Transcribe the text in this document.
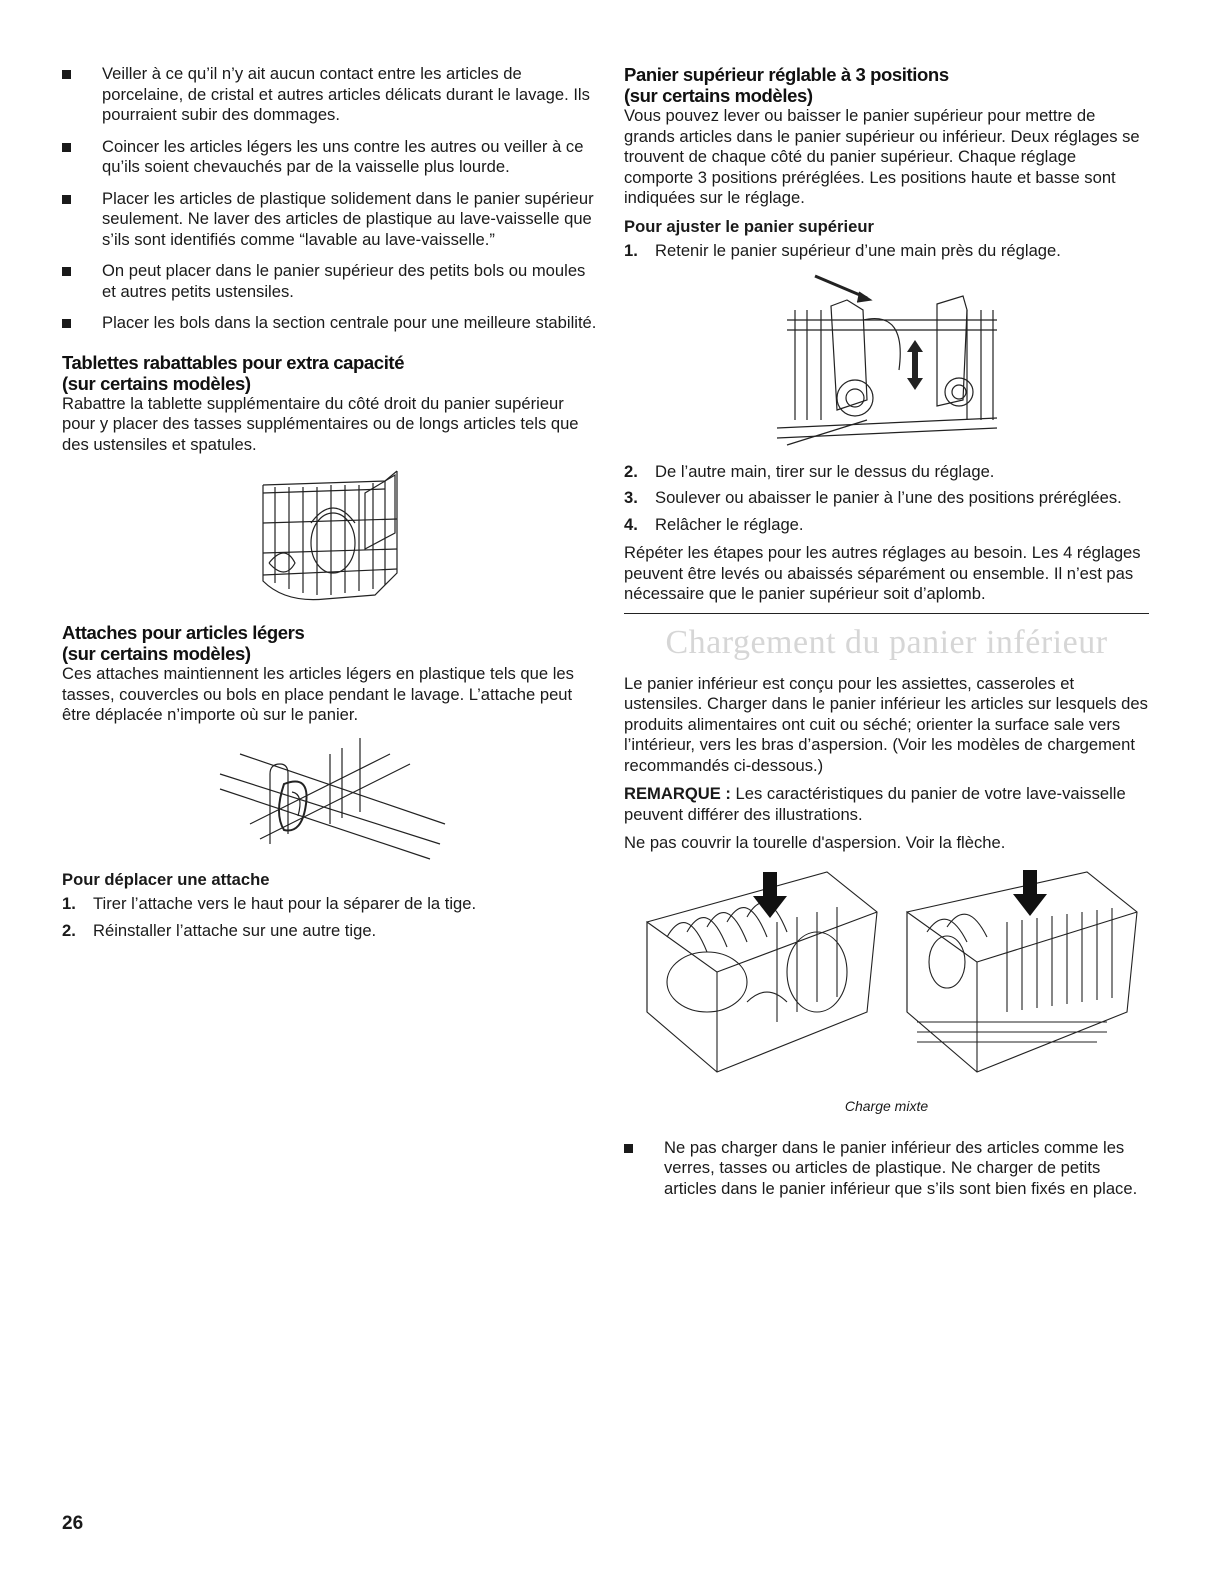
Veiller à ce qu’il n’y ait aucun contact entre les articles de porcelaine, de cristal et autres articles délicats durant le lavage. Ils pourraient subir des dommages.
Coincer les articles légers les uns contre les autres ou veiller à ce qu’ils soient chevauchés par de la vaisselle plus lourde.
Placer les articles de plastique solidement dans le panier supérieur seulement. Ne laver des articles de plastique au lave-vaisselle que s’ils sont identifiés comme “lavable au lave-vaisselle.”
On peut placer dans le panier supérieur des petits bols ou moules et autres petits ustensiles.
Placer les bols dans la section centrale pour une meilleure stabilité.
Tablettes rabattables pour extra capacité
(sur certains modèles)

Rabattre la tablette supplémentaire du côté droit du panier supérieur pour y placer des tasses supplémentaires ou de longs articles tels que des ustensiles et spatules.

Attaches pour articles légers
(sur certains modèles)

Ces attaches maintiennent les articles légers en plastique tels que les tasses, couvercles ou bols en place pendant le lavage. L’attache peut être déplacée n’importe où sur le panier.

Pour déplacer une attache
1. Tirer l’attache vers le haut pour la séparer de la tige.
2. Réinstaller l’attache sur une autre tige.
Panier supérieur réglable à 3 positions
(sur certains modèles)

Vous pouvez lever ou baisser le panier supérieur pour mettre de grands articles dans le panier supérieur ou inférieur. Deux réglages se trouvent de chaque côté du panier supérieur. Chaque réglage comporte 3 positions préréglées. Les positions haute et basse sont indiquées sur le réglage.

Pour ajuster le panier supérieur
1. Retenir le panier supérieur d’une main près du réglage.
2. De l’autre main, tirer sur le dessus du réglage.
3. Soulever ou abaisser le panier à l’une des positions préréglées.
4. Relâcher le réglage.

Répéter les étapes pour les autres réglages au besoin. Les 4 réglages peuvent être levés ou abaissés séparément ou ensemble. Il n’est pas nécessaire que le panier supérieur soit d’aplomb.

Chargement du panier inférieur

Le panier inférieur est conçu pour les assiettes, casseroles et ustensiles. Charger dans le panier inférieur les articles sur lesquels des produits alimentaires ont cuit ou séché; orienter la surface sale vers l’intérieur, vers les bras d’aspersion. (Voir les modèles de chargement recommandés ci-dessous.)

REMARQUE : Les caractéristiques du panier de votre lave-vaisselle peuvent différer des illustrations.

Ne pas couvrir la tourelle d'aspersion. Voir la flèche.

Charge mixte
Ne pas charger dans le panier inférieur des articles comme les verres, tasses ou articles de plastique. Ne charger de petits articles dans le panier inférieur que s’ils sont bien fixés en place.
26
